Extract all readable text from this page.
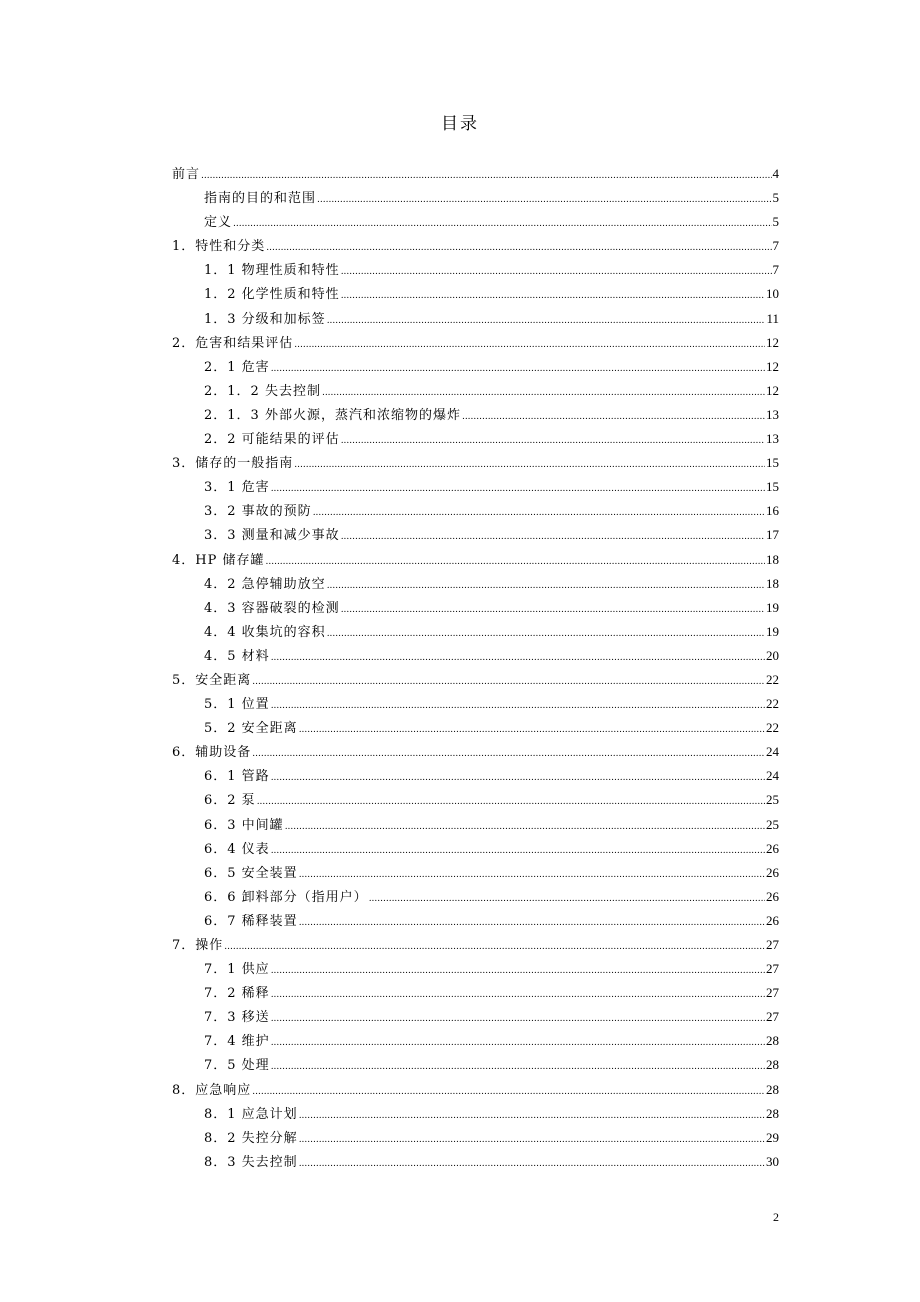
目录
前言 .....	4
指南的目的和范围 .....	5
定义 .....	5
1．特性和分类 .....	7
1．1 物理性质和特性 .....	7
1．2 化学性质和特性 .....	10
1．3 分级和加标签 .....	11
2．危害和结果评估 .....	12
2．1 危害 .....	12
2．1．2 失去控制 .....	12
2．1．3 外部火源，蒸汽和浓缩物的爆炸 .....	13
2．2 可能结果的评估 .....	13
3．储存的一般指南 .....	15
3．1 危害 .....	15
3．2 事故的预防 .....	16
3．3 测量和减少事故 .....	17
4．HP 储存罐 .....	18
4．2 急停辅助放空 .....	18
4．3 容器破裂的检测 .....	19
4．4 收集坑的容积 .....	19
4．5 材料 .....	20
5．安全距离 .....	22
5．1 位置 .....	22
5．2 安全距离 .....	22
6．辅助设备 .....	24
6．1 管路 .....	24
6．2 泵 .....	25
6．3 中间罐 .....	25
6．4 仪表 .....	26
6．5 安全装置 .....	26
6．6 卸料部分（指用户） .....	26
6．7 稀释装置 .....	26
7．操作 .....	27
7．1 供应 .....	27
7．2 稀释 .....	27
7．3 移送 .....	27
7．4 维护 .....	28
7．5 处理 .....	28
8．应急响应 .....	28
8．1 应急计划 .....	28
8．2 失控分解 .....	29
8．3 失去控制 .....	30
2
